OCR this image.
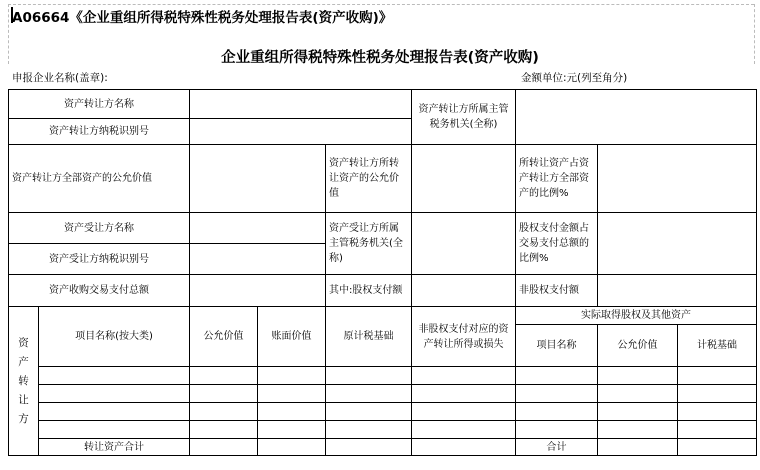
A06664《企业重组所得税特殊性税务处理报告表(资产收购)》
企业重组所得税特殊性税务处理报告表(资产收购)
申报企业名称(盖章):	金额单位:元(列至角分)
资产转让方名称					资产转让方所属主管税务机关(全称)			
资产转让方纳税识别号								
资产转让方全部资产的公允价值				资产转让方所转让资产的公允价值		所转让资产占资产转让方全部资产的比例%		
资产受让方名称				资产受让方所属主管税务机关(全称)		股权支付金额占交易支付总额的比例%		
资产受让方纳税识别号								
资产收购交易支付总额				其中:股权支付额		非股权支付额		
资产转让方	项目名称(按大类)	公允价值	账面价值	原计税基础	非股权支付对应的资产转让所得或损失	实际取得股权及其他资产		
						项目名称	公允价值	计税基础

	转让资产合计					合计		
